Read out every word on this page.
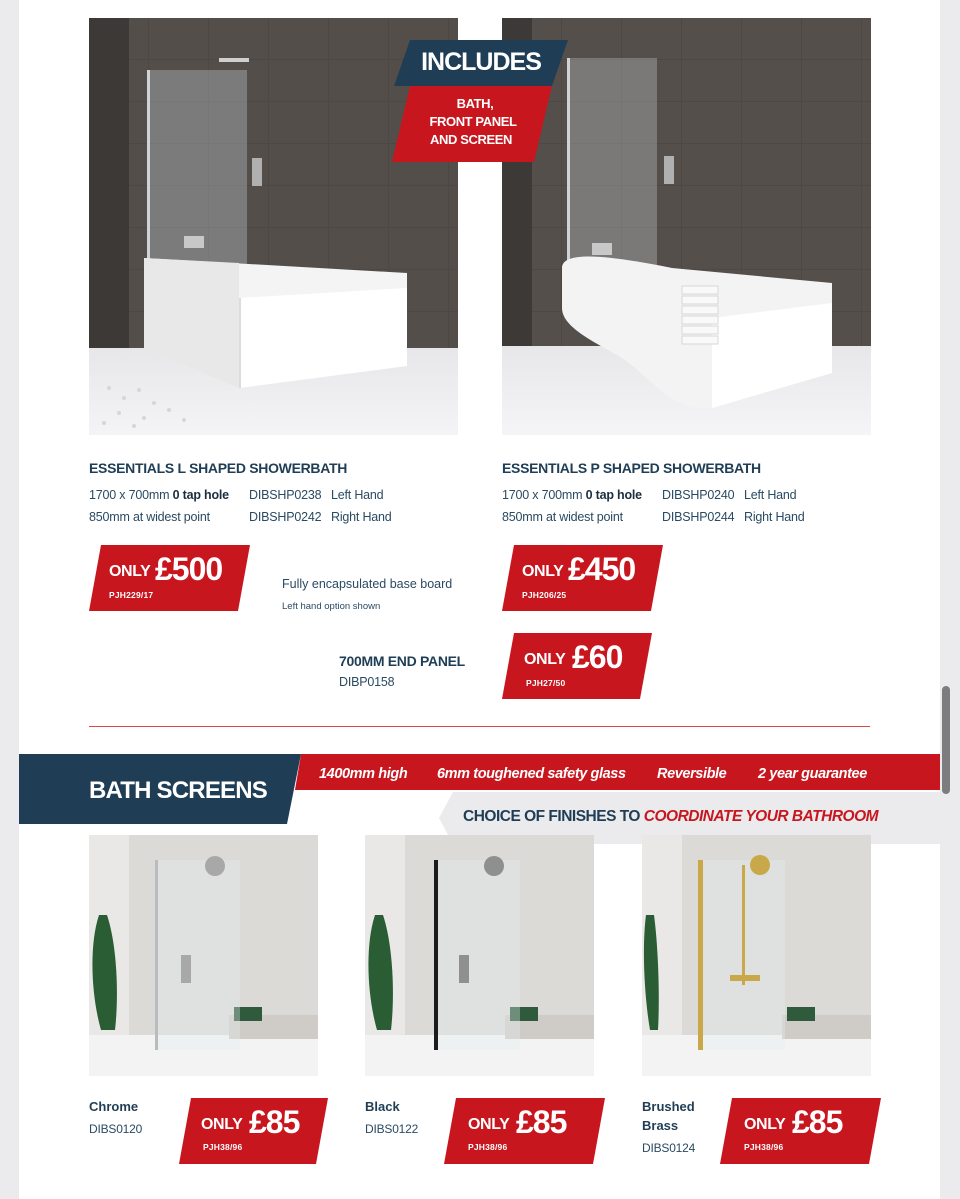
INCLUDES
BATH,
FRONT PANEL
AND SCREEN
ESSENTIALS L SHAPED SHOWERBATH
1700 x 700mm 0 tap hole
850mm at widest point
DIBSHP0238 Left Hand
DIBSHP0242 Right Hand
ONLY £500
PJH229/17
Fully encapsulated base board
Left hand option shown
ESSENTIALS P SHAPED SHOWERBATH
1700 x 700mm 0 tap hole
850mm at widest point
DIBSHP0240 Left Hand
DIBSHP0244 Right Hand
ONLY £450
PJH206/25
700MM END PANEL
DIBP0158
ONLY £60
PJH27/50
BATH SCREENS
1400mm high 6mm toughened safety glass Reversible 2 year guarantee
CHOICE OF FINISHES TO COORDINATE YOUR BATHROOM
Chrome
DIBS0120	ONLY £85
PJH38/96
Black
DIBS0122	ONLY £85
PJH38/96
Brushed
Brass
DIBS0124
ONLY £85
PJH38/96
